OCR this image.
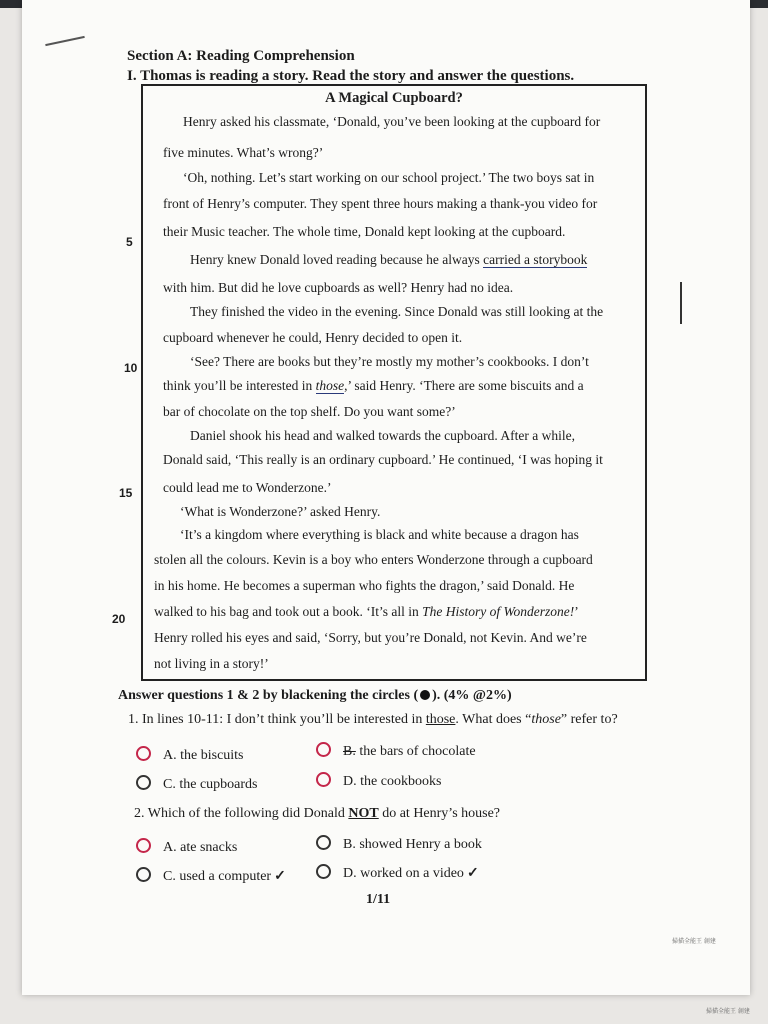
Section A: Reading Comprehension
I. Thomas is reading a story. Read the story and answer the questions.
A Magical Cupboard?
Henry asked his classmate, ‘Donald, you’ve been looking at the cupboard for
five minutes. What’s wrong?’
‘Oh, nothing. Let’s start working on our school project.’ The two boys sat in
front of Henry’s computer. They spent three hours making a thank-you video for
their Music teacher. The whole time, Donald kept looking at the cupboard.
Henry knew Donald loved reading because he always carried a storybook
with him. But did he love cupboards as well? Henry had no idea.
They finished the video in the evening. Since Donald was still looking at the
cupboard whenever he could, Henry decided to open it.
‘See? There are books but they’re mostly my mother’s cookbooks. I don’t
think you’ll be interested in those,’ said Henry. ‘There are some biscuits and a
bar of chocolate on the top shelf. Do you want some?’
Daniel shook his head and walked towards the cupboard. After a while,
Donald said, ‘This really is an ordinary cupboard.’ He continued, ‘I was hoping it
could lead me to Wonderzone.’
‘What is Wonderzone?’ asked Henry.
‘It’s a kingdom where everything is black and white because a dragon has
stolen all the colours. Kevin is a boy who enters Wonderzone through a cupboard
in his home. He becomes a superman who fights the dragon,’ said Donald. He
walked to his bag and took out a book. ‘It’s all in The History of Wonderzone!’
Henry rolled his eyes and said, ‘Sorry, but you’re Donald, not Kevin. And we’re
not living in a story!’
5
10
15
20
Answer questions 1 & 2 by blackening the circles ( ). (4% @2%)
1. In lines 10-11: I don’t think you’ll be interested in those. What does “those” refer to?
A. the biscuits	B. the bars of chocolate
C. the cupboards	D. the cookbooks
2. Which of the following did Donald NOT do at Henry’s house?
A. ate snacks	B. showed Henry a book
C. used a computer ✓	D. worked on a video ✓
1/11
掃描全能王 創建
掃描全能王 創建
